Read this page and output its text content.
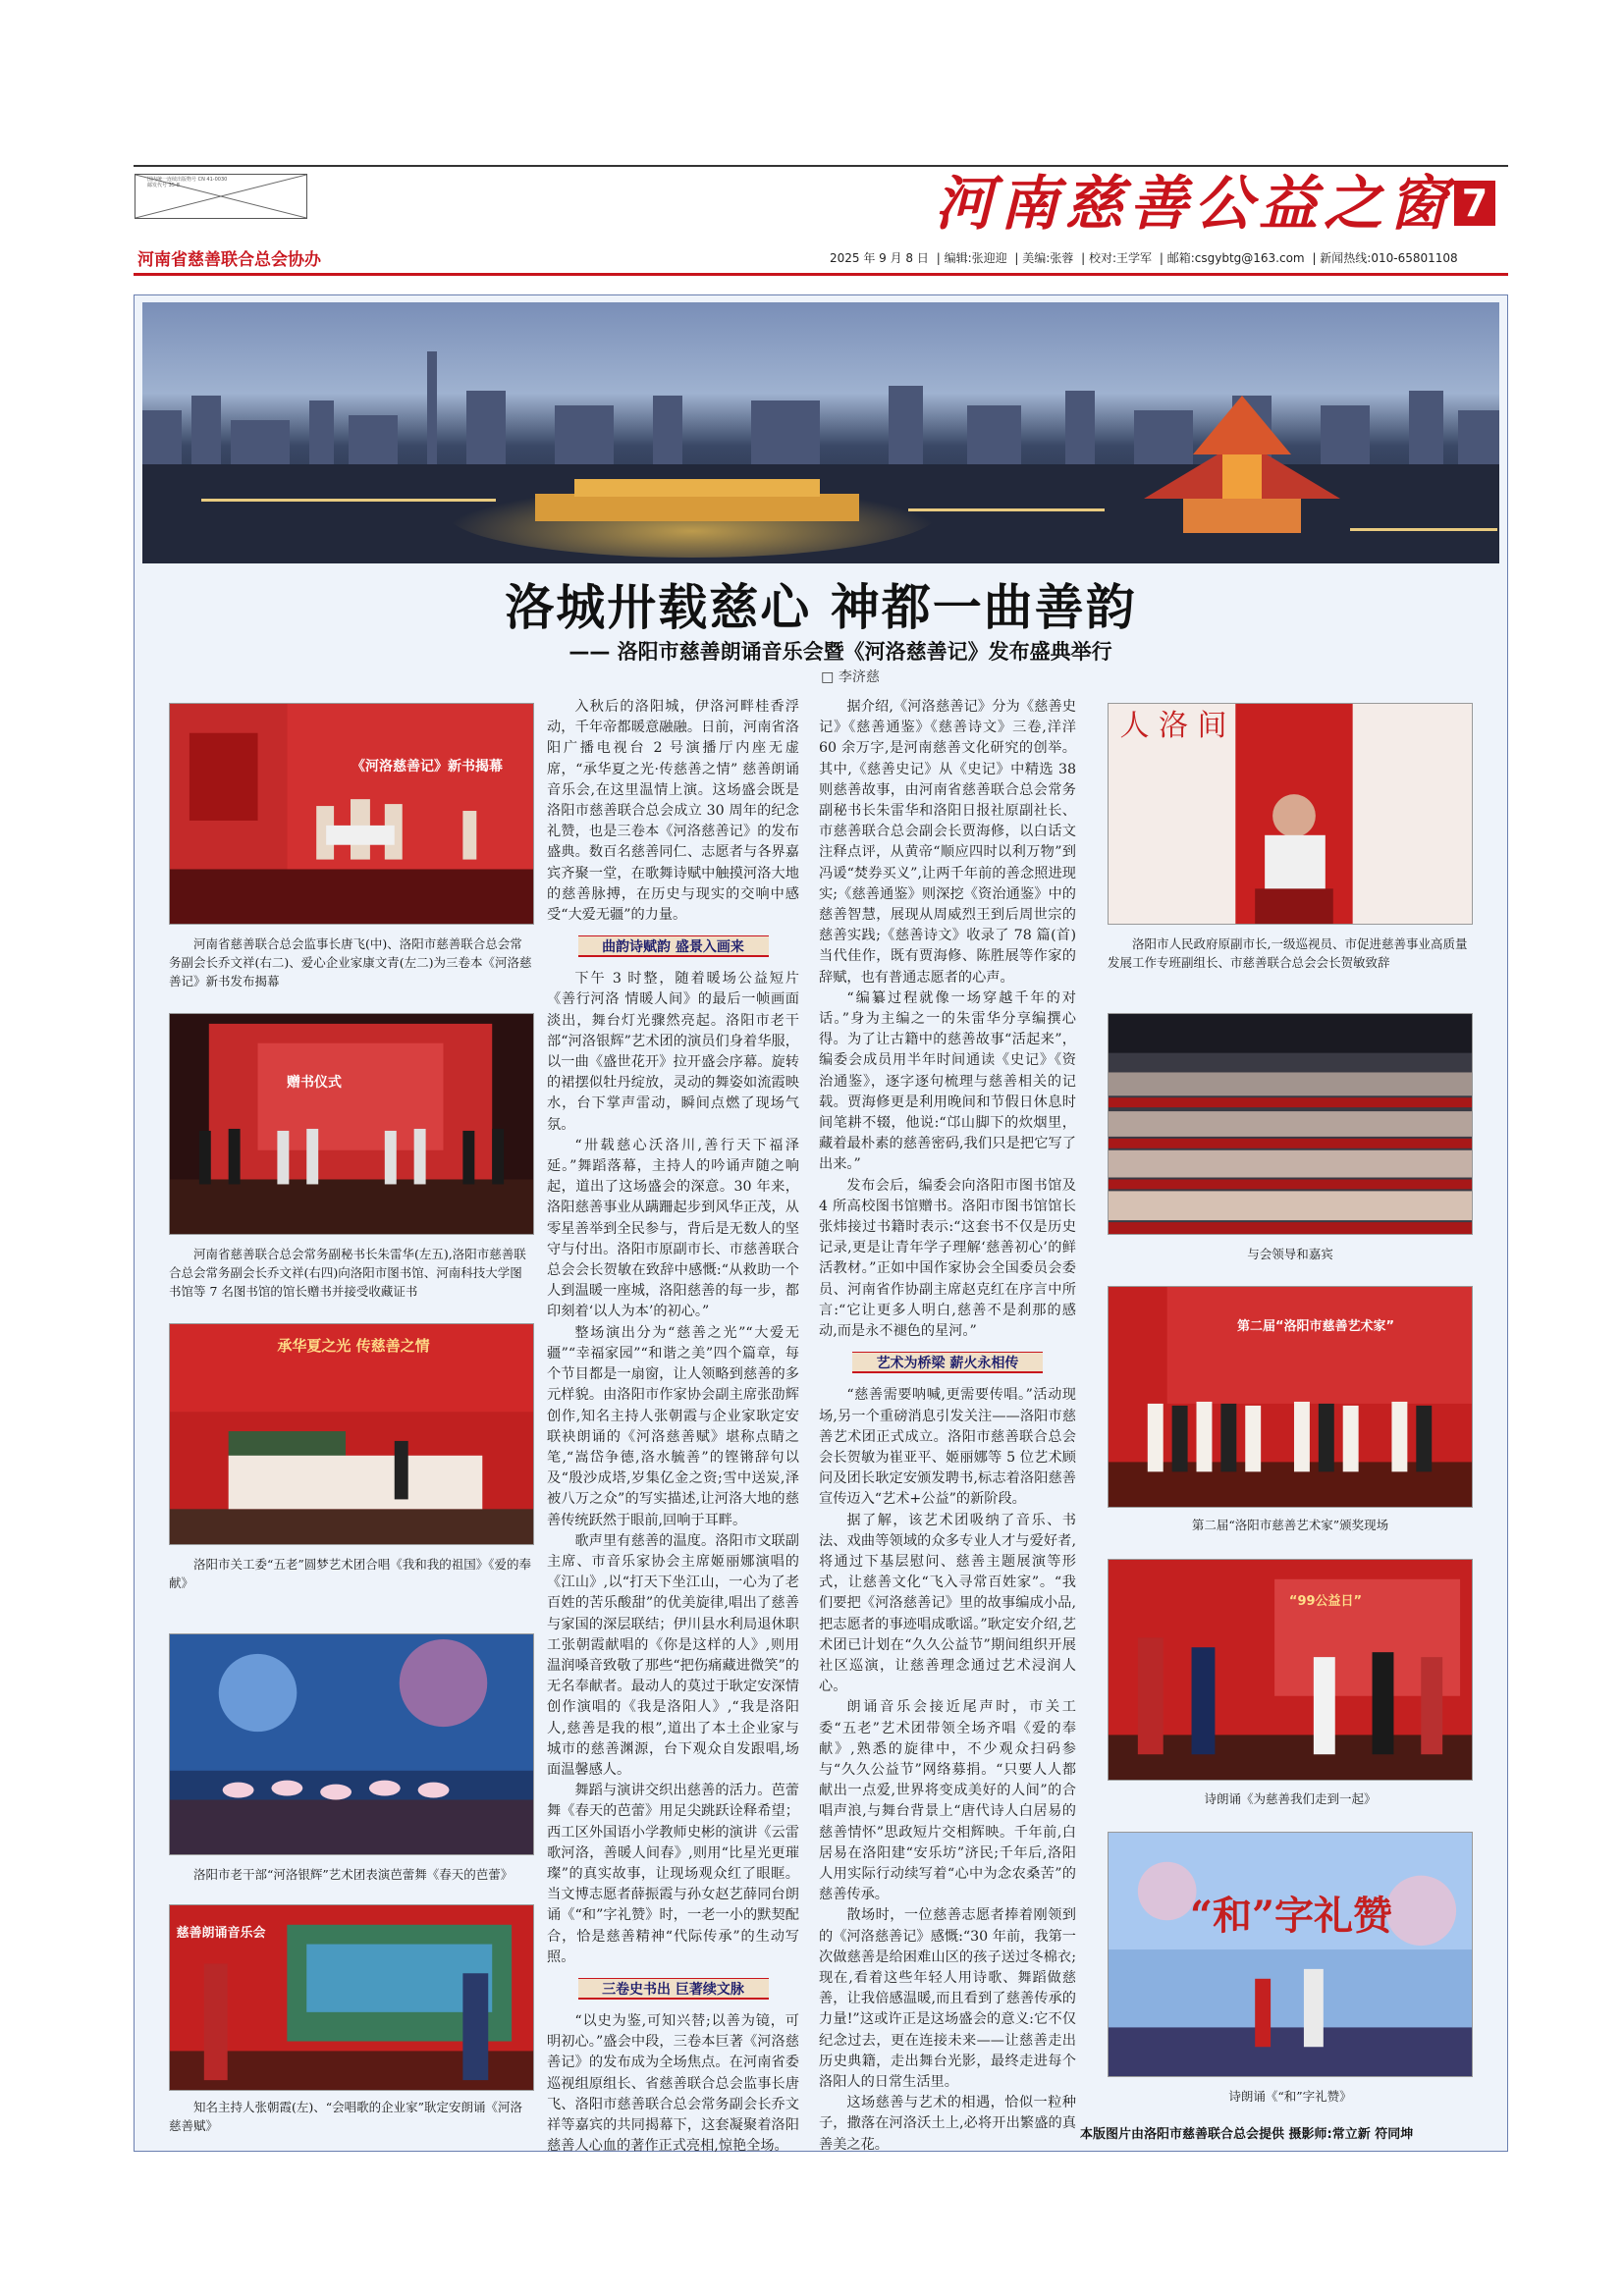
国内统一连续出版物号 CN 41-0030
邮发代号 35-8	河南慈善公益之窗 7
河南省慈善联合总会协办	2025 年 9 月 8 日 | 编辑:张迎迎 | 美编:张蓉 | 校对:王学军 | 邮箱:csgybtg@163.com | 新闻热线:010-65801108
洛城卅载慈心 神都一曲善韵
—— 洛阳市慈善朗诵音乐会暨《河洛慈善记》发布盛典举行
□ 李济慈
《河洛慈善记》新书揭幕
河南省慈善联合总会监事长唐飞(中)、洛阳市慈善联合总会常务副会长乔文祥(右二)、爱心企业家康文青(左二)为三卷本《河洛慈善记》新书发布揭幕
赠书仪式
河南省慈善联合总会常务副秘书长朱雷华(左五),洛阳市慈善联合总会常务副会长乔文祥(右四)向洛阳市图书馆、河南科技大学图书馆等 7 名图书馆的馆长赠书并接受收藏证书
承华夏之光 传慈善之情
洛阳市关工委“五老”圆梦艺术团合唱《我和我的祖国》《爱的奉献》
洛阳市老干部“河洛银辉”艺术团表演芭蕾舞《春天的芭蕾》
慈善朗诵音乐会
知名主持人张朝霞(左)、“会唱歌的企业家”耿定安朗诵《河洛慈善赋》

入秋后的洛阳城，伊洛河畔桂香浮动，千年帝都暖意融融。日前，河南省洛阳广播电视台 2 号演播厅内座无虚席，“承华夏之光·传慈善之情” 慈善朗诵音乐会,在这里温情上演。这场盛会既是洛阳市慈善联合总会成立 30 周年的纪念礼赞，也是三卷本《河洛慈善记》的发布盛典。数百名慈善同仁、志愿者与各界嘉宾齐聚一堂，在歌舞诗赋中触摸河洛大地的慈善脉搏，在历史与现实的交响中感受“大爱无疆”的力量。

曲韵诗赋韵 盛景入画来

下午 3 时整，随着暖场公益短片《善行河洛 情暖人间》的最后一帧画面淡出，舞台灯光骤然亮起。洛阳市老干部“河洛银辉”艺术团的演员们身着华服，以一曲《盛世花开》拉开盛会序幕。旋转的裙摆似牡丹绽放，灵动的舞姿如流霞映水，台下掌声雷动，瞬间点燃了现场气氛。

“卅载慈心沃洛川,善行天下福泽延。”舞蹈落幕，主持人的吟诵声随之响起，道出了这场盛会的深意。30 年来，洛阳慈善事业从蹒跚起步到风华正茂，从零星善举到全民参与，背后是无数人的坚守与付出。洛阳市原副市长、市慈善联合总会会长贺敏在致辞中感慨:“从救助一个人到温暖一座城，洛阳慈善的每一步，都印刻着‘以人为本’的初心。”

整场演出分为“慈善之光”“大爱无疆”“幸福家园”“和谐之美”四个篇章，每个节目都是一扇窗，让人领略到慈善的多元样貌。由洛阳市作家协会副主席张劭辉创作,知名主持人张朝霞与企业家耿定安联袂朗诵的《河洛慈善赋》堪称点睛之笔,“嵩岱争德,洛水毓善”的铿锵辞句以及“殷沙成塔,岁集亿金之资;雪中送炭,泽被八万之众”的写实描述,让河洛大地的慈善传统跃然于眼前,回响于耳畔。

歌声里有慈善的温度。洛阳市文联副主席、市音乐家协会主席姬丽娜演唱的《江山》,以“打天下坐江山，一心为了老百姓的苦乐酸甜”的优美旋律,唱出了慈善与家国的深层联结；伊川县水利局退休职工张朝霞献唱的《你是这样的人》,则用温润嗓音致敬了那些“把伤痛藏进微笑”的无名奉献者。最动人的莫过于耿定安深情创作演唱的《我是洛阳人》,“我是洛阳人,慈善是我的根”,道出了本土企业家与城市的慈善渊源，台下观众自发跟唱,场面温馨感人。

舞蹈与演讲交织出慈善的活力。芭蕾舞《春天的芭蕾》用足尖跳跃诠释希望；西工区外国语小学教师史彬的演讲《云雷歌河洛，善暖人间春》,则用“比星光更璀璨”的真实故事，让现场观众红了眼眶。当文博志愿者薛振霞与孙女赵艺薛同台朗诵《“和”字礼赞》时，一老一小的默契配合，恰是慈善精神“代际传承”的生动写照。

三卷史书出 巨著续文脉

“以史为鉴,可知兴替;以善为镜，可明初心。”盛会中段，三卷本巨著《河洛慈善记》的发布成为全场焦点。在河南省委巡视组原组长、省慈善联合总会监事长唐飞、洛阳市慈善联合总会常务副会长乔文祥等嘉宾的共同揭幕下，这套凝聚着洛阳慈善人心血的著作正式亮相,惊艳全场。

据介绍,《河洛慈善记》分为《慈善史记》《慈善通鉴》《慈善诗文》三卷,洋洋 60 余万字,是河南慈善文化研究的创举。其中,《慈善史记》从《史记》中精选 38 则慈善故事，由河南省慈善联合总会常务副秘书长朱雷华和洛阳日报社原副社长、市慈善联合总会副会长贾海修，以白话文注释点评，从黄帝“顺应四时以利万物”到冯谖“焚券买义”,让两千年前的善念照进现实;《慈善通鉴》则深挖《资治通鉴》中的慈善智慧，展现从周威烈王到后周世宗的慈善实践;《慈善诗文》收录了 78 篇(首)当代佳作，既有贾海修、陈胜展等作家的辞赋，也有普通志愿者的心声。

“编纂过程就像一场穿越千年的对话。”身为主编之一的朱雷华分享编撰心得。为了让古籍中的慈善故事“活起来”，编委会成员用半年时间通读《史记》《资治通鉴》，逐字逐句梳理与慈善相关的记载。贾海修更是利用晚间和节假日休息时间笔耕不辍，他说:“邙山脚下的炊烟里，藏着最朴素的慈善密码,我们只是把它写了出来。”

发布会后，编委会向洛阳市图书馆及 4 所高校图书馆赠书。洛阳市图书馆馆长张炜接过书籍时表示:“这套书不仅是历史记录,更是让青年学子理解‘慈善初心’的鲜活教材。”正如中国作家协会全国委员会委员、河南省作协副主席赵克红在序言中所言:“它让更多人明白,慈善不是刹那的感动,而是永不褪色的星河。”

艺术为桥梁 薪火永相传

“慈善需要呐喊,更需要传唱。”活动现场,另一个重磅消息引发关注——洛阳市慈善艺术团正式成立。洛阳市慈善联合总会会长贺敏为崔亚平、姬丽娜等 5 位艺术顾问及团长耿定安颁发聘书,标志着洛阳慈善宣传迈入“艺术+公益”的新阶段。

据了解，该艺术团吸纳了音乐、书法、戏曲等领域的众多专业人才与爱好者,将通过下基层慰问、慈善主题展演等形式，让慈善文化“飞入寻常百姓家”。“我们要把《河洛慈善记》里的故事编成小品,把志愿者的事迹唱成歌谣。”耿定安介绍,艺术团已计划在“久久公益节”期间组织开展社区巡演，让慈善理念通过艺术浸润人心。

朗诵音乐会接近尾声时，市关工委“五老”艺术团带领全场齐唱《爱的奉献》,熟悉的旋律中，不少观众扫码参与“久久公益节”网络募捐。“只要人人都献出一点爱,世界将变成美好的人间”的合唱声浪,与舞台背景上“唐代诗人白居易的慈善情怀”思政短片交相辉映。千年前,白居易在洛阳建“安乐坊”济民;千年后,洛阳人用实际行动续写着“心中为念农桑苦”的慈善传承。

散场时，一位慈善志愿者捧着刚领到的《河洛慈善记》感慨:“30 年前，我第一次做慈善是给困难山区的孩子送过冬棉衣;现在,看着这些年轻人用诗歌、舞蹈做慈善，让我倍感温暖,而且看到了慈善传承的力量!”这或许正是这场盛会的意义:它不仅纪念过去，更在连接未来——让慈善走出历史典籍，走出舞台光影，最终走进每个洛阳人的日常生活里。

这场慈善与艺术的相遇，恰似一粒种子，撒落在河洛沃土上,必将开出繁盛的真善美之花。

人 洛 间
洛阳市人民政府原副市长,一级巡视员、市促进慈善事业高质量发展工作专班副组长、市慈善联合总会会长贺敏致辞
与会领导和嘉宾
第二届“洛阳市慈善艺术家”
第二届“洛阳市慈善艺术家”颁奖现场
“99公益日”
诗朗诵《为慈善我们走到一起》
“和”字礼赞
诗朗诵《“和”字礼赞》
本版图片由洛阳市慈善联合总会提供 摄影师:常立新 符同坤
